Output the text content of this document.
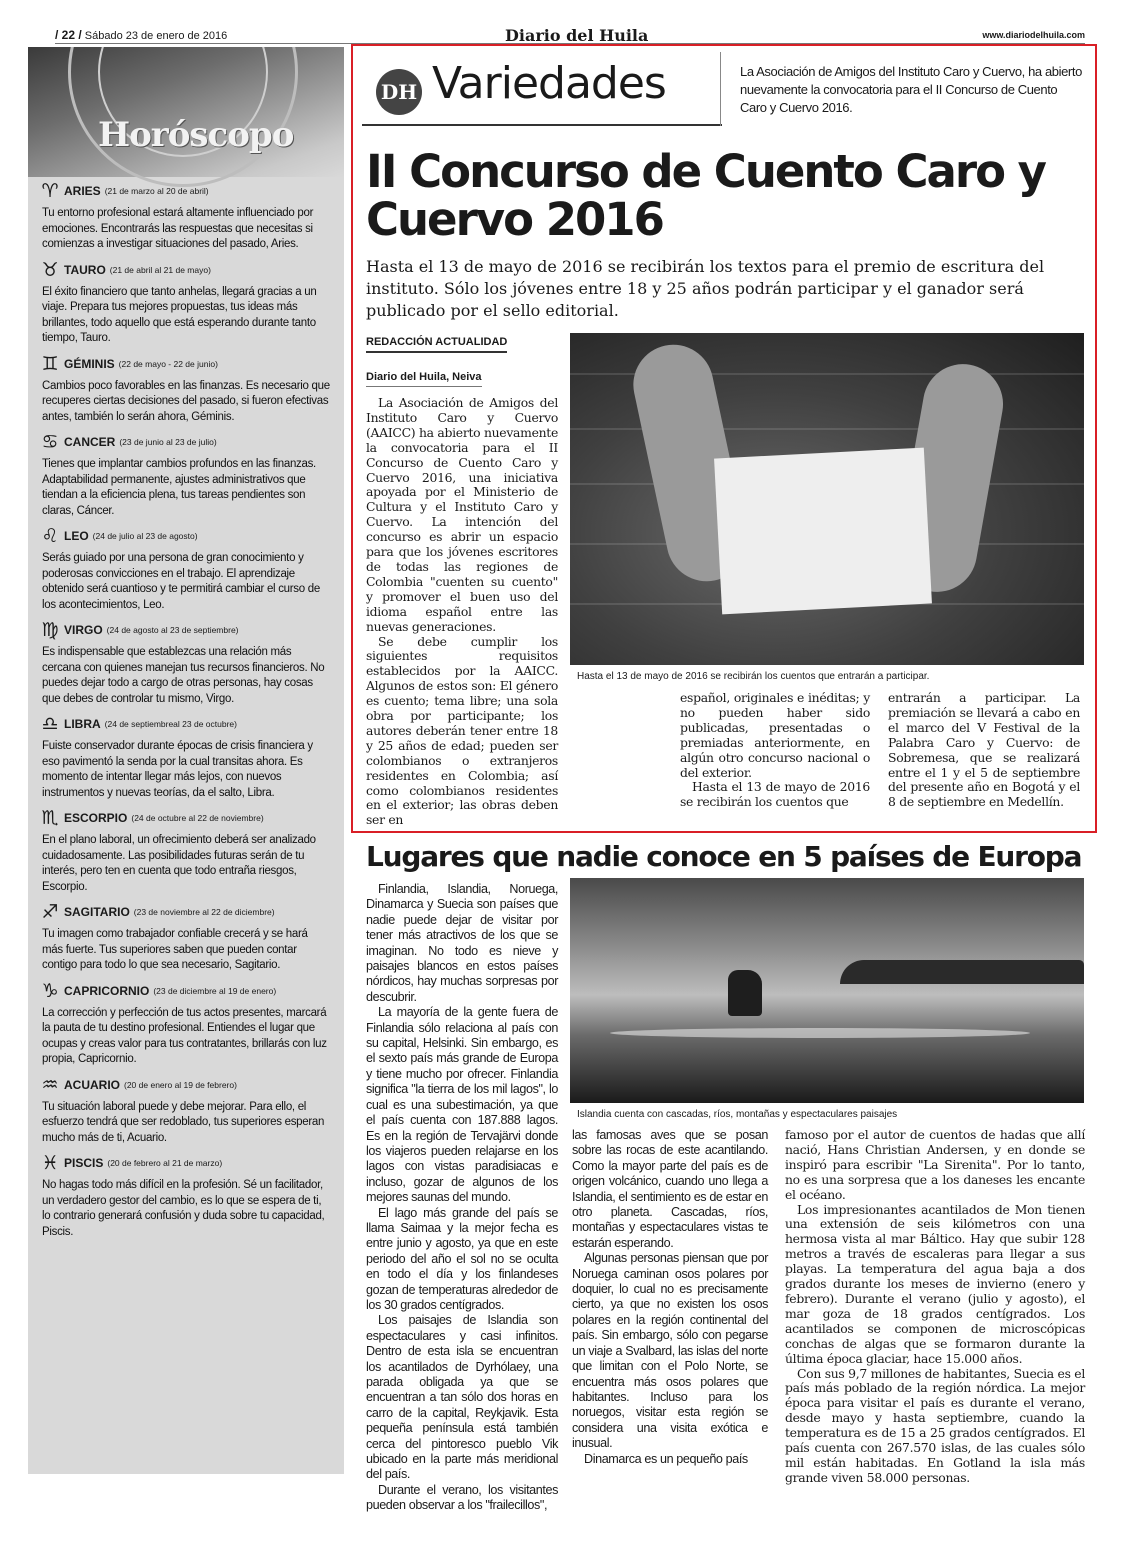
/ 22 / Sábado 23 de enero de 2016	Diario del Huila	www.diariodelhuila.com
Horóscopo
♈ ARIES (21 de marzo al 20 de abril)
Tu entorno profesional estará altamente influenciado por emociones. Encontrarás las respuestas que necesitas si comienzas a investigar situaciones del pasado, Aries.
♉ TAURO (21 de abril al 21 de mayo)
El éxito financiero que tanto anhelas, llegará gracias a un viaje. Prepara tus mejores propuestas, tus ideas más brillantes, todo aquello que está esperando durante tanto tiempo, Tauro.
♊ GÉMINIS (22 de mayo - 22 de junio)
Cambios poco favorables en las finanzas. Es necesario que recuperes ciertas decisiones del pasado, si fueron efectivas antes, también lo serán ahora, Géminis.
♋ CANCER (23 de junio al 23 de julio)
Tienes que implantar cambios profundos en las finanzas. Adaptabilidad permanente, ajustes administrativos que tiendan a la eficiencia plena, tus tareas pendientes son claras, Cáncer.
♌ LEO (24 de julio al 23 de agosto)
Serás guiado por una persona de gran conocimiento y poderosas convicciones en el trabajo. El aprendizaje obtenido será cuantioso y te permitirá cambiar el curso de los acontecimientos, Leo.
♍ VIRGO (24 de agosto al 23 de septiembre)
Es indispensable que establezcas una relación más cercana con quienes manejan tus recursos financieros. No puedes dejar todo a cargo de otras personas, hay cosas que debes de controlar tu mismo, Virgo.
♎ LIBRA (24 de septiembreal 23 de octubre)
Fuiste conservador durante épocas de crisis financiera y eso pavimentó la senda por la cual transitas ahora. Es momento de intentar llegar más lejos, con nuevos instrumentos y nuevas teorías, da el salto, Libra.
♏ ESCORPIO (24 de octubre al 22 de noviembre)
En el plano laboral, un ofrecimiento deberá ser analizado cuidadosamente. Las posibilidades futuras serán de tu interés, pero ten en cuenta que todo entraña riesgos, Escorpio.
♐ SAGITARIO (23 de noviembre al 22 de diciembre)
Tu imagen como trabajador confiable crecerá y se hará más fuerte. Tus superiores saben que pueden contar contigo para todo lo que sea necesario, Sagitario.
♑ CAPRICORNIO (23 de diciembre al 19 de enero)
La corrección y perfección de tus actos presentes, marcará la pauta de tu destino profesional. Entiendes el lugar que ocupas y creas valor para tus contratantes, brillarás con luz propia, Capricornio.
♒ ACUARIO (20 de enero al 19 de febrero)
Tu situación laboral puede y debe mejorar. Para ello, el esfuerzo tendrá que ser redoblado, tus superiores esperan mucho más de ti, Acuario.
♓ PISCIS (20 de febrero al 21 de marzo)
No hagas todo más difícil en la profesión. Sé un facilitador, un verdadero gestor del cambio, es lo que se espera de ti, lo contrario generará confusión y duda sobre tu capacidad, Piscis.
DH Variedades	La Asociación de Amigos del Instituto Caro y Cuervo, ha abierto nuevamente la convocatoria para el II Concurso de Cuento Caro y Cuervo 2016.
II Concurso de Cuento Caro y Cuervo 2016
Hasta el 13 de mayo de 2016 se recibirán los textos para el premio de escritura del instituto. Sólo los jóvenes entre 18 y 25 años podrán participar y el ganador será publicado por el sello editorial.
REDACCIÓN ACTUALIDAD
Diario del Huila, Neiva

La Asociación de Amigos del Instituto Caro y Cuervo (AAICC) ha abierto nuevamente la convocatoria para el II Concurso de Cuento Caro y Cuervo 2016, una iniciativa apoyada por el Ministerio de Cultura y el Instituto Caro y Cuervo. La intención del concurso es abrir un espacio para que los jóvenes escritores de todas las regiones de Colombia "cuenten su cuento" y promover el buen uso del idioma español entre las nuevas generaciones.

Se debe cumplir los siguientes requisitos establecidos por la AAICC. Algunos de estos son: El género es cuento; tema libre; una sola obra por participante; los autores deberán tener entre 18 y 25 años de edad; pueden ser colombianos o extranjeros residentes en Colombia; así como colombianos residentes en el exterior; las obras deben ser en

Hasta el 13 de mayo de 2016 se recibirán los cuentos que entrarán a participar.

español, originales e inéditas; y no pueden haber sido publicadas, presentadas o premiadas anteriormente, en algún otro concurso nacional o del exterior.

Hasta el 13 de mayo de 2016 se recibirán los cuentos que

entrarán a participar. La premiación se llevará a cabo en el marco del V Festival de la Palabra Caro y Cuervo: de Sobremesa, que se realizará entre el 1 y el 5 de septiembre del presente año en Bogotá y el 8 de septiembre en Medellín.

Lugares que nadie conoce en 5 países de Europa

Finlandia, Islandia, Noruega, Dinamarca y Suecia son países que nadie puede dejar de visitar por tener más atractivos de los que se imaginan. No todo es nieve y paisajes blancos en estos países nórdicos, hay muchas sorpresas por descubrir.

La mayoría de la gente fuera de Finlandia sólo relaciona al país con su capital, Helsinki. Sin embargo, es el sexto país más grande de Europa y tiene mucho por ofrecer. Finlandia significa "la tierra de los mil lagos", lo cual es una subestimación, ya que el país cuenta con 187.888 lagos. Es en la región de Tervajärvi donde los viajeros pueden relajarse en los lagos con vistas paradisiacas e incluso, gozar de algunos de los mejores saunas del mundo.

El lago más grande del país se llama Saimaa y la mejor fecha es entre junio y agosto, ya que en este periodo del año el sol no se oculta en todo el día y los finlandeses gozan de temperaturas alrededor de los 30 grados centígrados.

Los paisajes de Islandia son espectaculares y casi infinitos. Dentro de esta isla se encuentran los acantilados de Dyrhólaey, una parada obligada ya que se encuentran a tan sólo dos horas en carro de la capital, Reykjavik. Esta pequeña península está también cerca del pintoresco pueblo Vik ubicado en la parte más meridional del país.

Durante el verano, los visitantes pueden observar a los "frailecillos",

Islandia cuenta con cascadas, ríos, montañas y espectaculares paisajes

las famosas aves que se posan sobre las rocas de este acantilando. Como la mayor parte del país es de origen volcánico, cuando uno llega a Islandia, el sentimiento es de estar en otro planeta. Cascadas, ríos, montañas y espectaculares vistas te estarán esperando.

Algunas personas piensan que por Noruega caminan osos polares por doquier, lo cual no es precisamente cierto, ya que no existen los osos polares en la región continental del país. Sin embargo, sólo con pegarse un viaje a Svalbard, las islas del norte que limitan con el Polo Norte, se encuentra más osos polares que habitantes. Incluso para los noruegos, visitar esta región se considera una visita exótica e inusual.

Dinamarca es un pequeño país

famoso por el autor de cuentos de hadas que allí nació, Hans Christian Andersen, y en donde se inspiró para escribir "La Sirenita". Por lo tanto, no es una sorpresa que a los daneses les encante el océano.

Los impresionantes acantilados de Mon tienen una extensión de seis kilómetros con una hermosa vista al mar Báltico. Hay que subir 128 metros a través de escaleras para llegar a sus playas. La temperatura del agua baja a dos grados durante los meses de invierno (enero y febrero). Durante el verano (julio y agosto), el mar goza de 18 grados centígrados. Los acantilados se componen de microscópicas conchas de algas que se formaron durante la última época glaciar, hace 15.000 años.

Con sus 9,7 millones de habitantes, Suecia es el país más poblado de la región nórdica. La mejor época para visitar el país es durante el verano, desde mayo y hasta septiembre, cuando la temperatura es de 15 a 25 grados centígrados. El país cuenta con 267.570 islas, de las cuales sólo mil están habitadas. En Gotland la isla más grande viven 58.000 personas.
